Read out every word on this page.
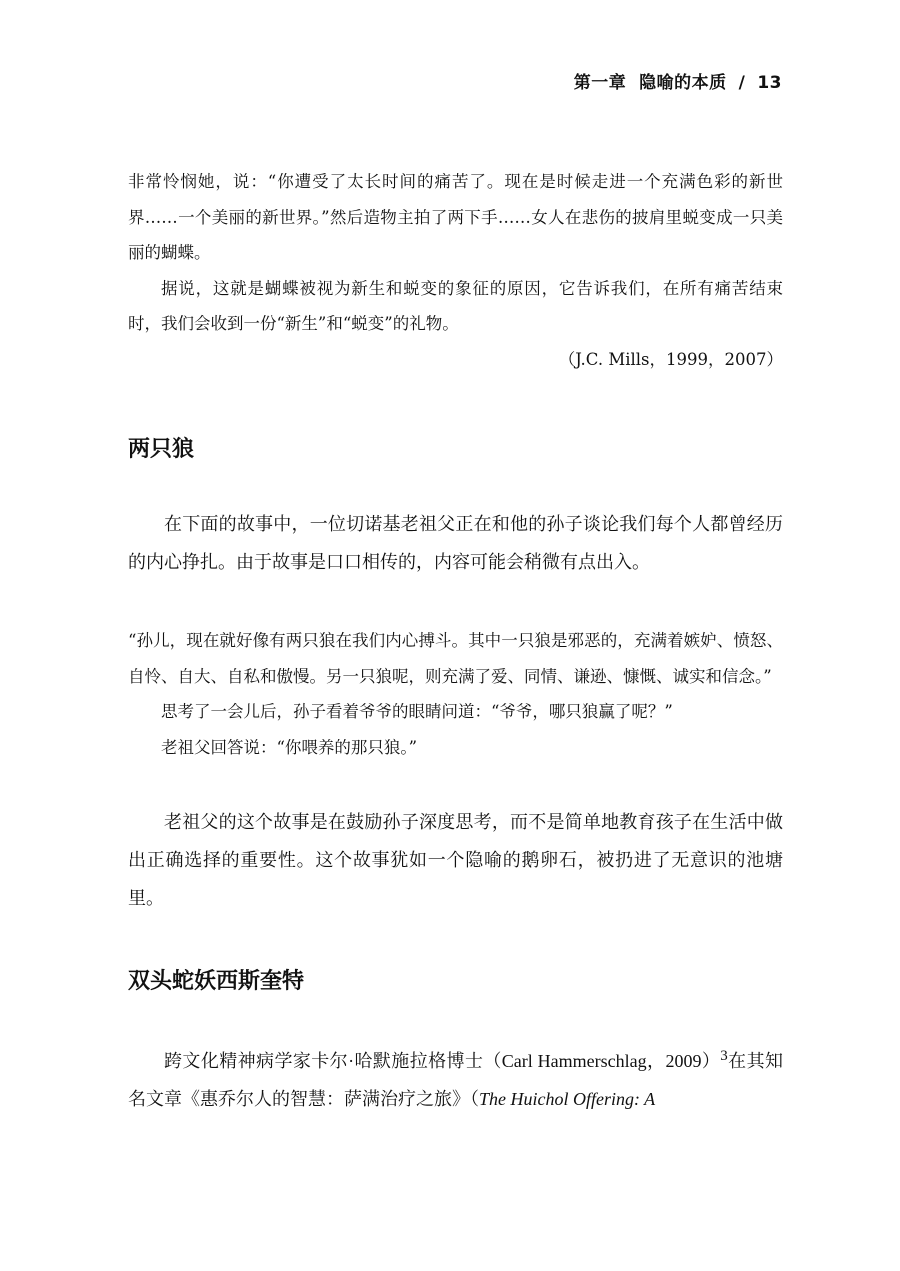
第一章 隐喻的本质 / 13

非常怜悯她，说：“你遭受了太长时间的痛苦了。现在是时候走进一个充满色彩的新世界……一个美丽的新世界。”然后造物主拍了两下手……女人在悲伤的披肩里蜕变成一只美丽的蝴蝶。

据说，这就是蝴蝶被视为新生和蜕变的象征的原因，它告诉我们，在所有痛苦结束时，我们会收到一份“新生”和“蜕变”的礼物。

（J.C. Mills，1999，2007）

两只狼

在下面的故事中，一位切诺基老祖父正在和他的孙子谈论我们每个人都曾经历的内心挣扎。由于故事是口口相传的，内容可能会稍微有点出入。

“孙儿，现在就好像有两只狼在我们内心搏斗。其中一只狼是邪恶的，充满着嫉妒、愤怒、自怜、自大、自私和傲慢。另一只狼呢，则充满了爱、同情、谦逊、慷慨、诚实和信念。”

思考了一会儿后，孙子看着爷爷的眼睛问道：“爷爷，哪只狼赢了呢？”

老祖父回答说：“你喂养的那只狼。”

老祖父的这个故事是在鼓励孙子深度思考，而不是简单地教育孩子在生活中做出正确选择的重要性。这个故事犹如一个隐喻的鹅卵石，被扔进了无意识的池塘里。

双头蛇妖西斯奎特

跨文化精神病学家卡尔·哈默施拉格博士（Carl Hammerschlag，2009）$^3$在其知名文章《惠乔尔人的智慧：萨满治疗之旅》（The Huichol Offering: A
